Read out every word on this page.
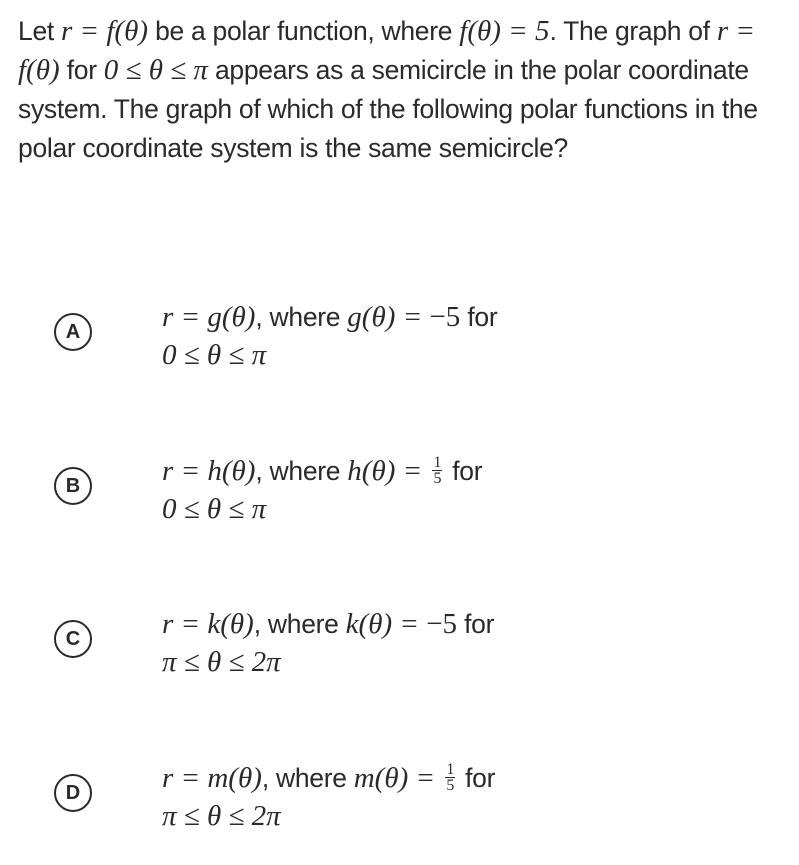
Let r = f(θ) be a polar function, where f(θ) = 5. The graph of r = f(θ) for 0 ≤ θ ≤ π appears as a semicircle in the polar coordinate system. The graph of which of the following polar functions in the polar coordinate system is the same semicircle?
A	r = g(θ), where g(θ) = −5 for
0 ≤ θ ≤ π
B	r = h(θ), where $h(\theta) = \frac{1}{5}$ for
0 ≤ θ ≤ π
C	r = k(θ), where k(θ) = −5 for
π ≤ θ ≤ 2π
D	r = m(θ), where $m(\theta) = \frac{1}{5}$ for
π ≤ θ ≤ 2π
